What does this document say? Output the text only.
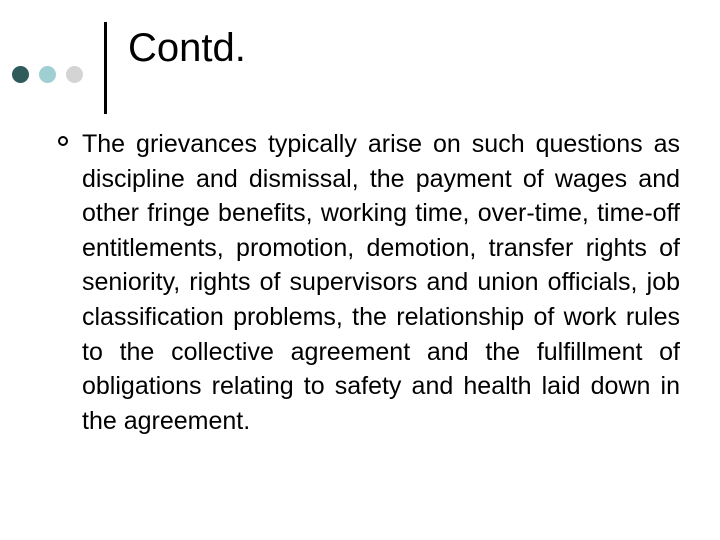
Contd.

The grievances typically arise on such questions as discipline and dismissal, the payment of wages and other fringe benefits, working time, over-time, time-off entitlements, promotion, demotion, transfer rights of seniority, rights of supervisors and union officials, job classification problems, the relationship of work rules to the collective agreement and the fulfillment of obligations relating to safety and health laid down in the agreement.
